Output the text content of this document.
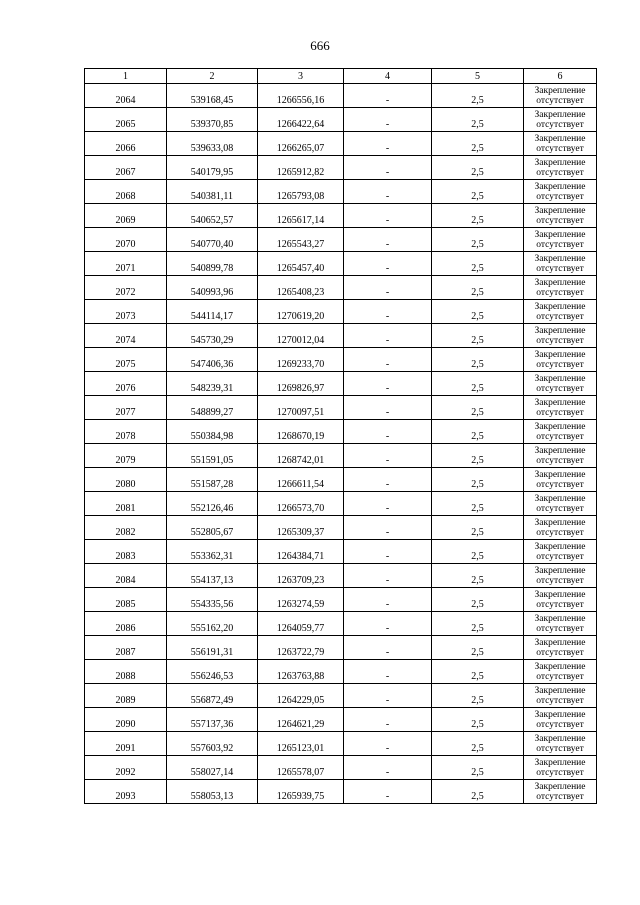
666
1	2	3	4	5	6
2064	539168,45	1266556,16	-	2,5	Закрепление отсутствует
2065	539370,85	1266422,64	-	2,5	Закрепление отсутствует
2066	539633,08	1266265,07	-	2,5	Закрепление отсутствует
2067	540179,95	1265912,82	-	2,5	Закрепление отсутствует
2068	540381,11	1265793,08	-	2,5	Закрепление отсутствует
2069	540652,57	1265617,14	-	2,5	Закрепление отсутствует
2070	540770,40	1265543,27	-	2,5	Закрепление отсутствует
2071	540899,78	1265457,40	-	2,5	Закрепление отсутствует
2072	540993,96	1265408,23	-	2,5	Закрепление отсутствует
2073	544114,17	1270619,20	-	2,5	Закрепление отсутствует
2074	545730,29	1270012,04	-	2,5	Закрепление отсутствует
2075	547406,36	1269233,70	-	2,5	Закрепление отсутствует
2076	548239,31	1269826,97	-	2,5	Закрепление отсутствует
2077	548899,27	1270097,51	-	2,5	Закрепление отсутствует
2078	550384,98	1268670,19	-	2,5	Закрепление отсутствует
2079	551591,05	1268742,01	-	2,5	Закрепление отсутствует
2080	551587,28	1266611,54	-	2,5	Закрепление отсутствует
2081	552126,46	1266573,70	-	2,5	Закрепление отсутствует
2082	552805,67	1265309,37	-	2,5	Закрепление отсутствует
2083	553362,31	1264384,71	-	2,5	Закрепление отсутствует
2084	554137,13	1263709,23	-	2,5	Закрепление отсутствует
2085	554335,56	1263274,59	-	2,5	Закрепление отсутствует
2086	555162,20	1264059,77	-	2,5	Закрепление отсутствует
2087	556191,31	1263722,79	-	2,5	Закрепление отсутствует
2088	556246,53	1263763,88	-	2,5	Закрепление отсутствует
2089	556872,49	1264229,05	-	2,5	Закрепление отсутствует
2090	557137,36	1264621,29	-	2,5	Закрепление отсутствует
2091	557603,92	1265123,01	-	2,5	Закрепление отсутствует
2092	558027,14	1265578,07	-	2,5	Закрепление отсутствует
2093	558053,13	1265939,75	-	2,5	Закрепление отсутствует
